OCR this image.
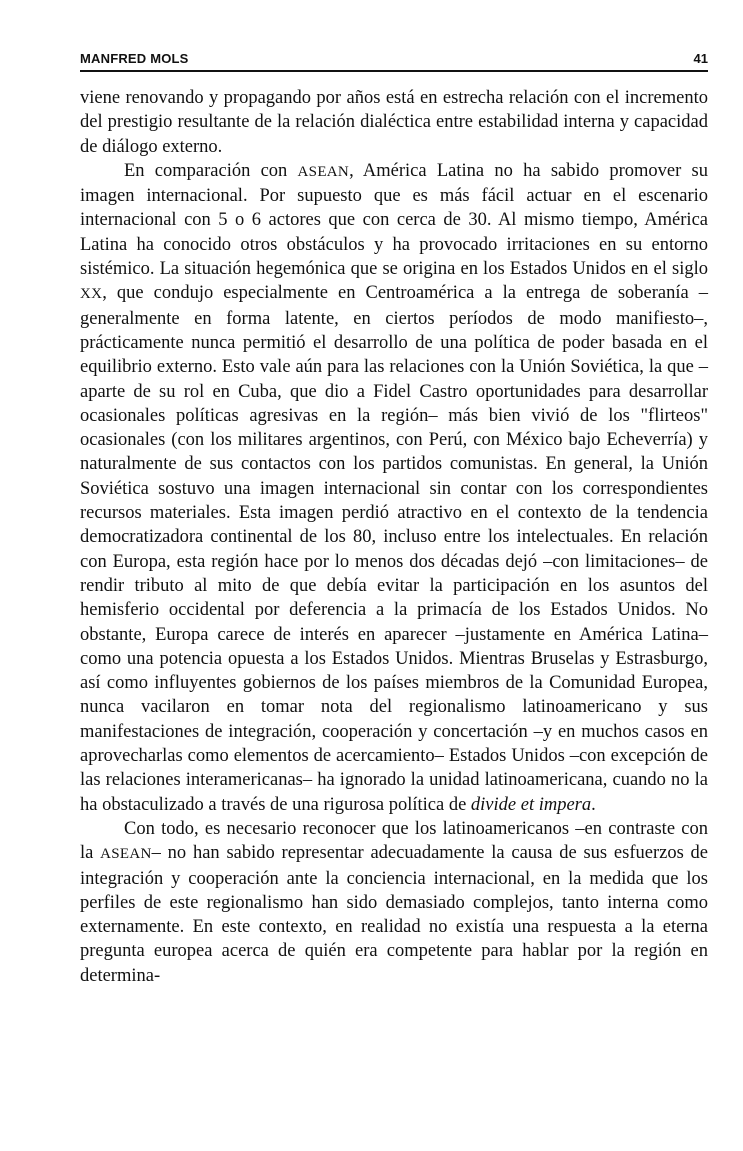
MANFRED MOLS	41

viene renovando y propagando por años está en estrecha relación con el incremento del prestigio resultante de la relación dialéctica entre estabilidad interna y capacidad de diálogo externo.

En comparación con ASEAN, América Latina no ha sabido promover su imagen internacional. Por supuesto que es más fácil actuar en el escenario internacional con 5 o 6 actores que con cerca de 30. Al mismo tiempo, América Latina ha conocido otros obstáculos y ha provocado irritaciones en su entorno sistémico. La situación hegemónica que se origina en los Estados Unidos en el siglo XX, que condujo especialmente en Centroamérica a la entrega de soberanía –generalmente en forma latente, en ciertos períodos de modo manifiesto–, prácticamente nunca permitió el desarrollo de una política de poder basada en el equilibrio externo. Esto vale aún para las relaciones con la Unión Soviética, la que –aparte de su rol en Cuba, que dio a Fidel Castro oportunidades para desarrollar ocasionales políticas agresivas en la región– más bien vivió de los "flirteos" ocasionales (con los militares argentinos, con Perú, con México bajo Echeverría) y naturalmente de sus contactos con los partidos comunistas. En general, la Unión Soviética sostuvo una imagen internacional sin contar con los correspondientes recursos materiales. Esta imagen perdió atractivo en el contexto de la tendencia democratizadora continental de los 80, incluso entre los intelectuales. En relación con Europa, esta región hace por lo menos dos décadas dejó –con limitaciones– de rendir tributo al mito de que debía evitar la participación en los asuntos del hemisferio occidental por deferencia a la primacía de los Estados Unidos. No obstante, Europa carece de interés en aparecer –justamente en América Latina– como una potencia opuesta a los Estados Unidos. Mientras Bruselas y Estrasburgo, así como influyentes gobiernos de los países miembros de la Comunidad Europea, nunca vacilaron en tomar nota del regionalismo latinoamericano y sus manifestaciones de integración, cooperación y concertación –y en muchos casos en aprovecharlas como elementos de acercamiento– Estados Unidos –con excepción de las relaciones interamericanas– ha ignorado la unidad latinoamericana, cuando no la ha obstaculizado a través de una rigurosa política de divide et impera.

Con todo, es necesario reconocer que los latinoamericanos –en contraste con la ASEAN– no han sabido representar adecuadamente la causa de sus esfuerzos de integración y cooperación ante la conciencia internacional, en la medida que los perfiles de este regionalismo han sido demasiado complejos, tanto interna como externamente. En este contexto, en realidad no existía una respuesta a la eterna pregunta europea acerca de quién era competente para hablar por la región en determina-
